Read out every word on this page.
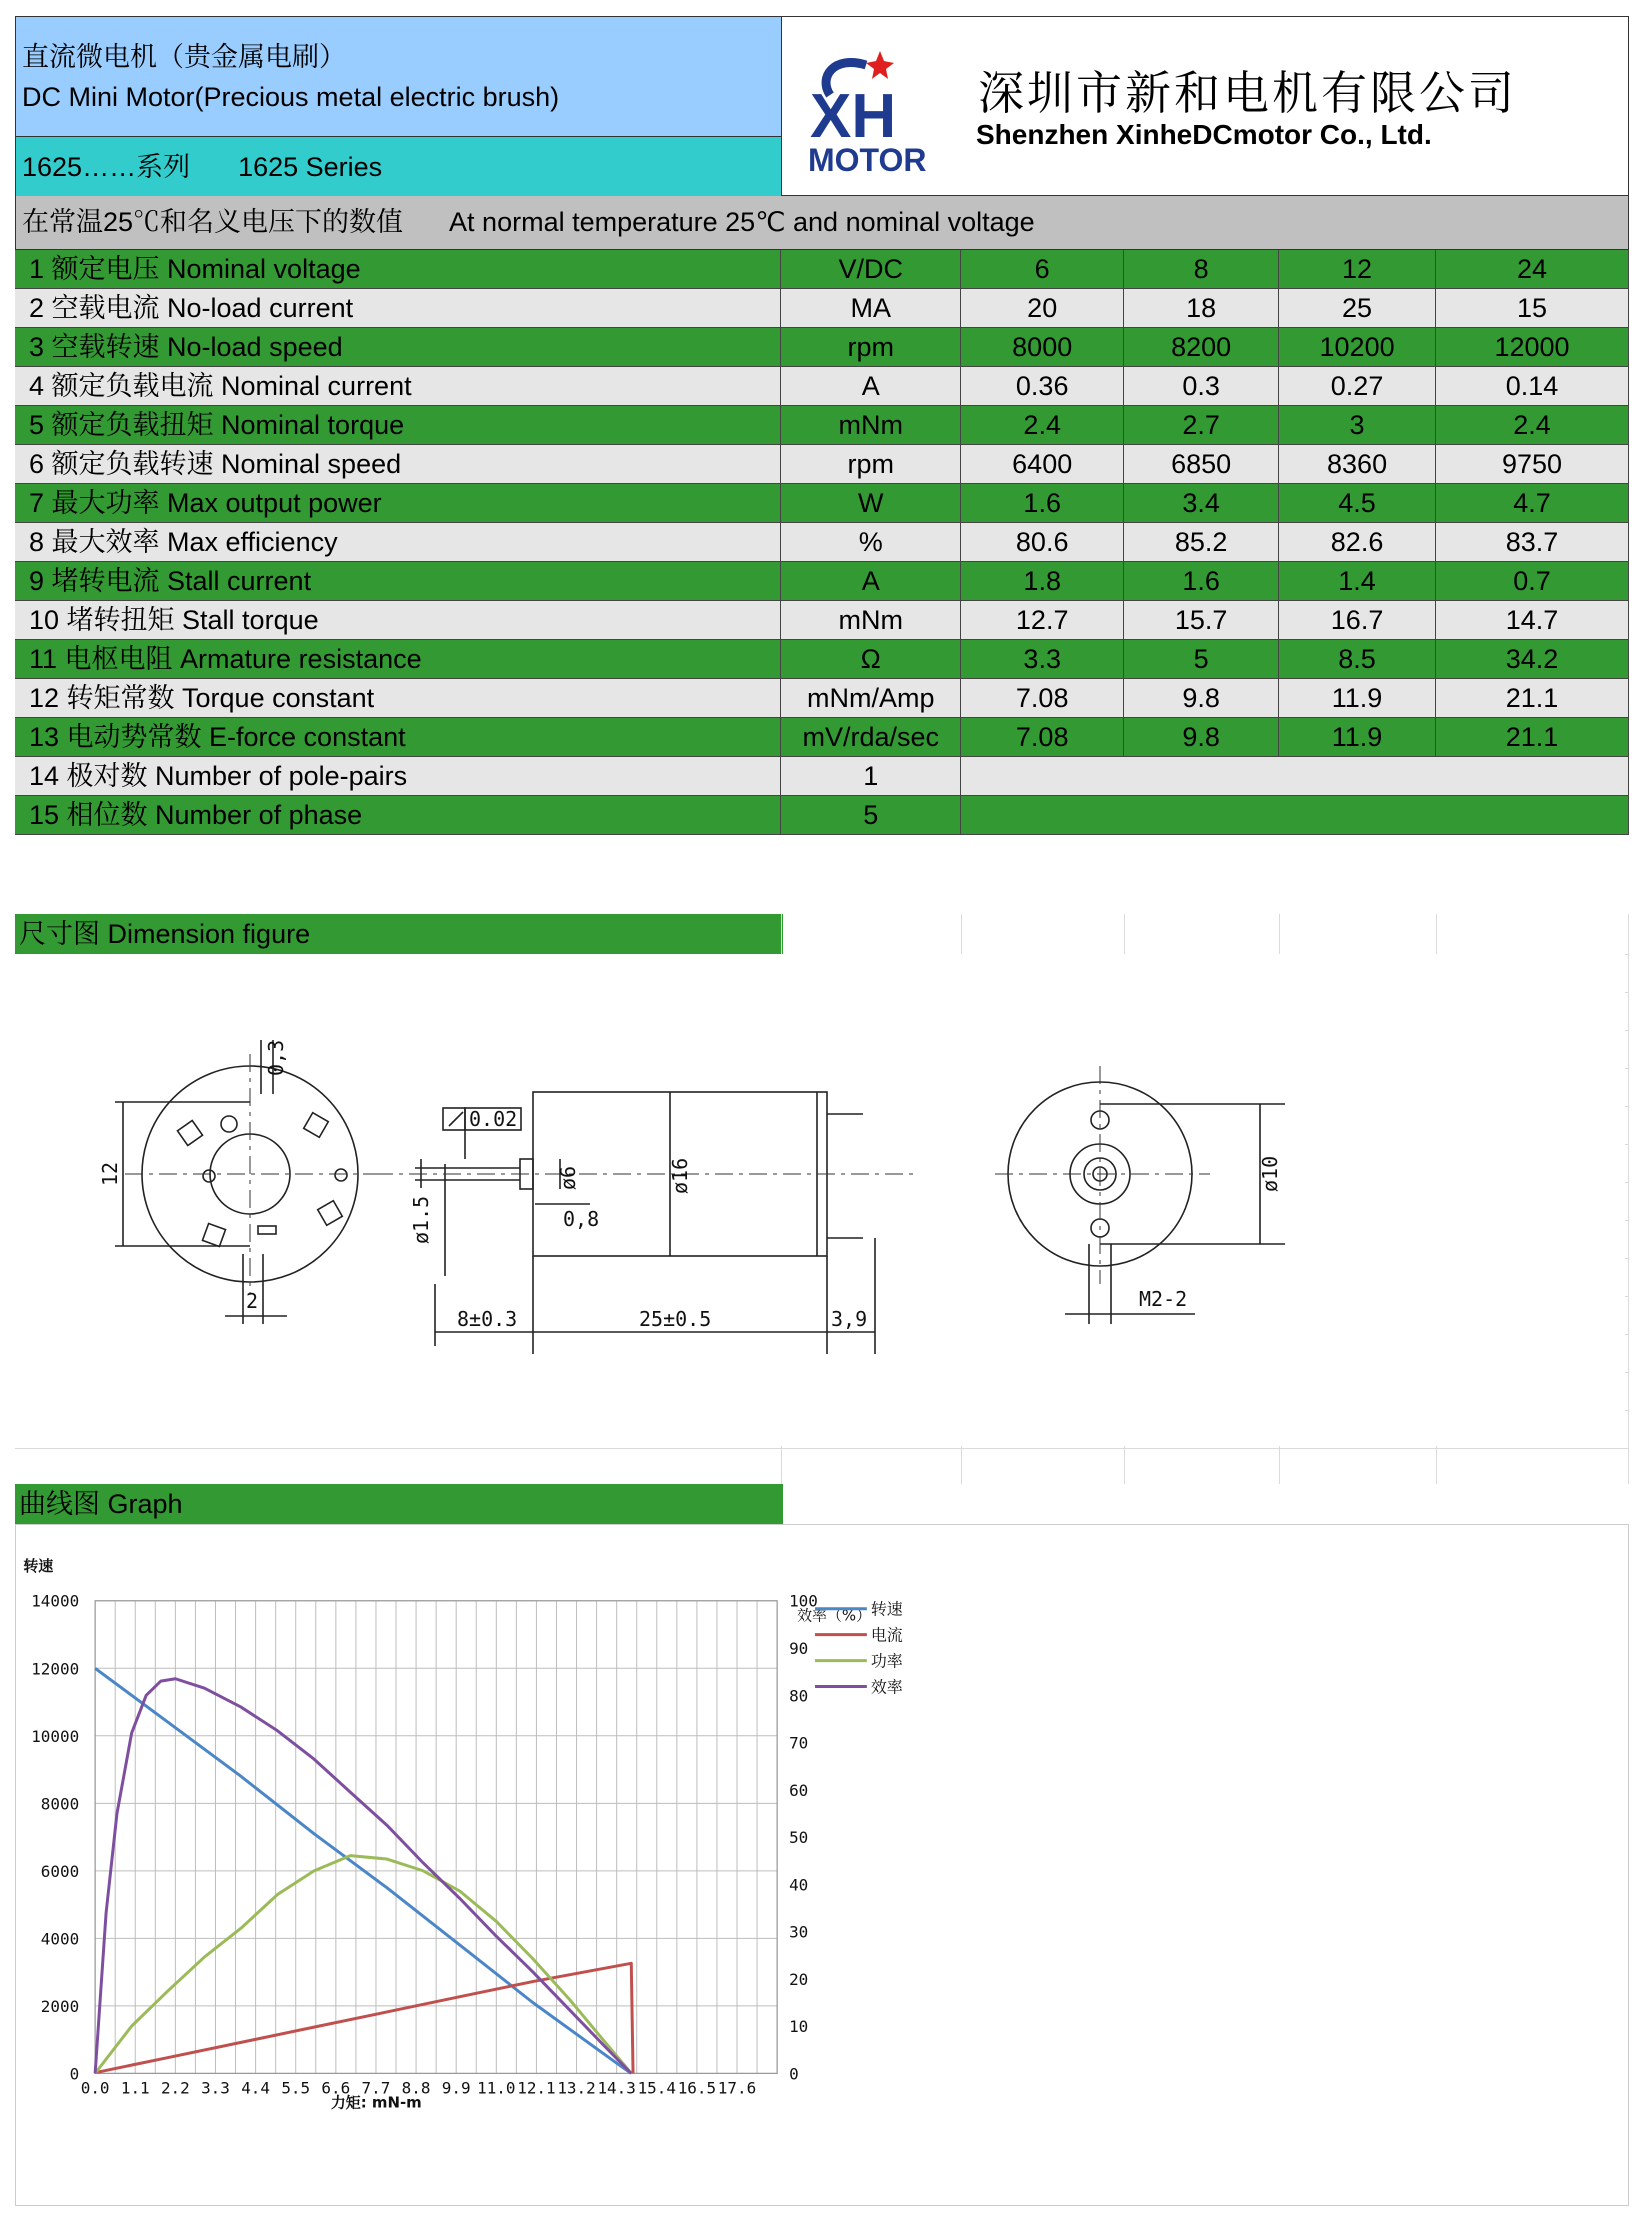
直流微电机（贵金属电刷）
DC Mini Motor(Precious metal electric brush)
1625……系列 1625 Series
XH
MOTOR
深圳市新和电机有限公司
Shenzhen XinheDCmotor Co., Ltd.
在常温25℃和名义电压下的数值 At normal temperature 25℃ and nominal voltage
1 额定电压 Nominal voltage	V/DC	6	8	12	24
2 空载电流 No-load current	MA	20	18	25	15
3 空载转速 No-load speed	rpm	8000	8200	10200	12000
4 额定负载电流 Nominal current	A	0.36	0.3	0.27	0.14
5 额定负载扭矩 Nominal torque	mNm	2.4	2.7	3	2.4
6 额定负载转速 Nominal speed	rpm	6400	6850	8360	9750
7 最大功率 Max output power	W	1.6	3.4	4.5	4.7
8 最大效率 Max efficiency	%	80.6	85.2	82.6	83.7
9 堵转电流 Stall current	A	1.8	1.6	1.4	0.7
10 堵转扭矩 Stall torque	mNm	12.7	15.7	16.7	14.7
11 电枢电阻 Armature resistance	Ω	3.3	5	8.5	34.2
12 转矩常数 Torque constant	mNm/Amp	7.08	9.8	11.9	21.1
13 电动势常数 E-force constant	mV/rda/sec	7.08	9.8	11.9	21.1
14 极对数 Number of pole-pairs	1				
15 相位数 Number of phase	5				
尺寸图 Dimension figure
0,3
12
2
0.02
ø1.5
ø6
0,8
ø16
8±0.3	25±0.5	3,9
ø10
M2-2
曲线图 Graph
0
2000
4000
6000
8000
10000
12000
14000
0
10
20
30
40
50
60
70
80
90
100
0.0 1.1 2.2 3.3 4.4 5.5 6.6 7.7 8.8 9.9 11.0 12.1 13.2 14.3 15.4 16.5 17.6
力矩: mN-m
转速
效率（%） 转速
电流
功率
效率
